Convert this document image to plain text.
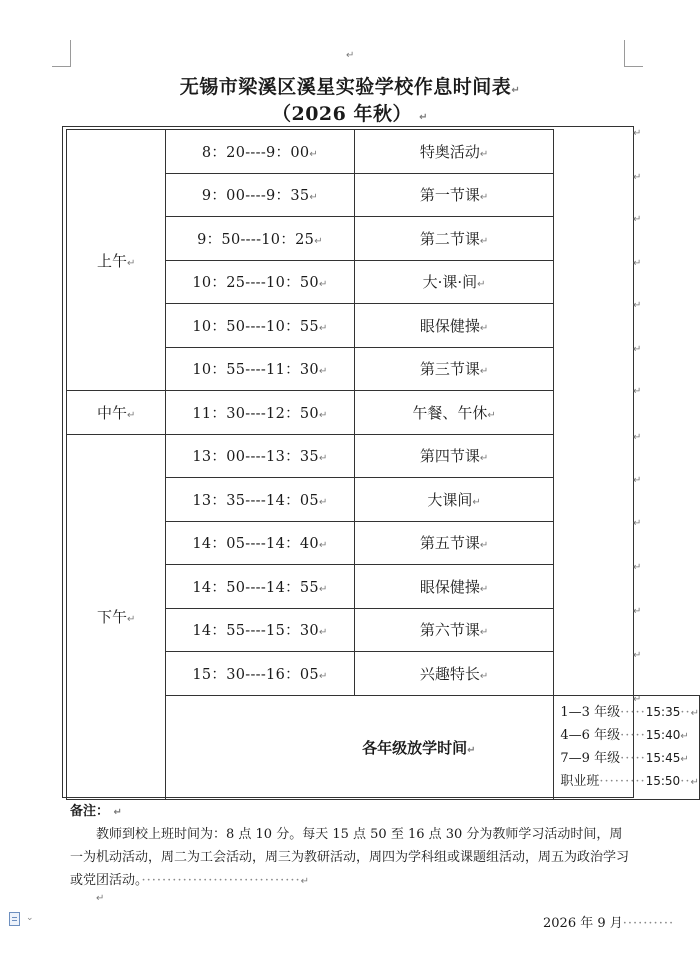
↵
无锡市梁溪区溪星实验学校作息时间表↵
（2026 年秋） ↵
上午↵	8：20----9：00↵	特奥活动↵	
	9：00----9：35↵	第一节课↵	
	9：50----10：25↵	第二节课↵	
	10：25----10：50↵	大·课·间↵	
	10：50----10：55↵	眼保健操↵	
	10：55----11：30↵	第三节课↵	
中午↵	11：30----12：50↵	午餐、午休↵	
下午↵	13：00----13：35↵	第四节课↵	
	13：35----14：05↵	大课间↵	
	14：05----14：40↵	第五节课↵	
	14：50----14：55↵	眼保健操↵	
	14：55----15：30↵	第六节课↵	
	15：30----16：05↵	兴趣特长↵	
	各年级放学时间↵		1—3 年级·····15:35··↵
4—6 年级·····15:40↵
7—9 年级·····15:45↵
职业班·········15:50··↵
↵
↵
↵
↵
↵
↵
↵
↵
↵
↵
↵
↵
↵
↵
备注： ↵
教师到校上班时间为：8 点 10 分。每天 15 点 50 至 16 点 30 分为教师学习活动时间，周一为机动活动，周二为工会活动，周三为教研活动，周四为学科组或课题组活动，周五为政治学习或党团活动。·······························↵
↵
⌄	2026 年 9 月··········
